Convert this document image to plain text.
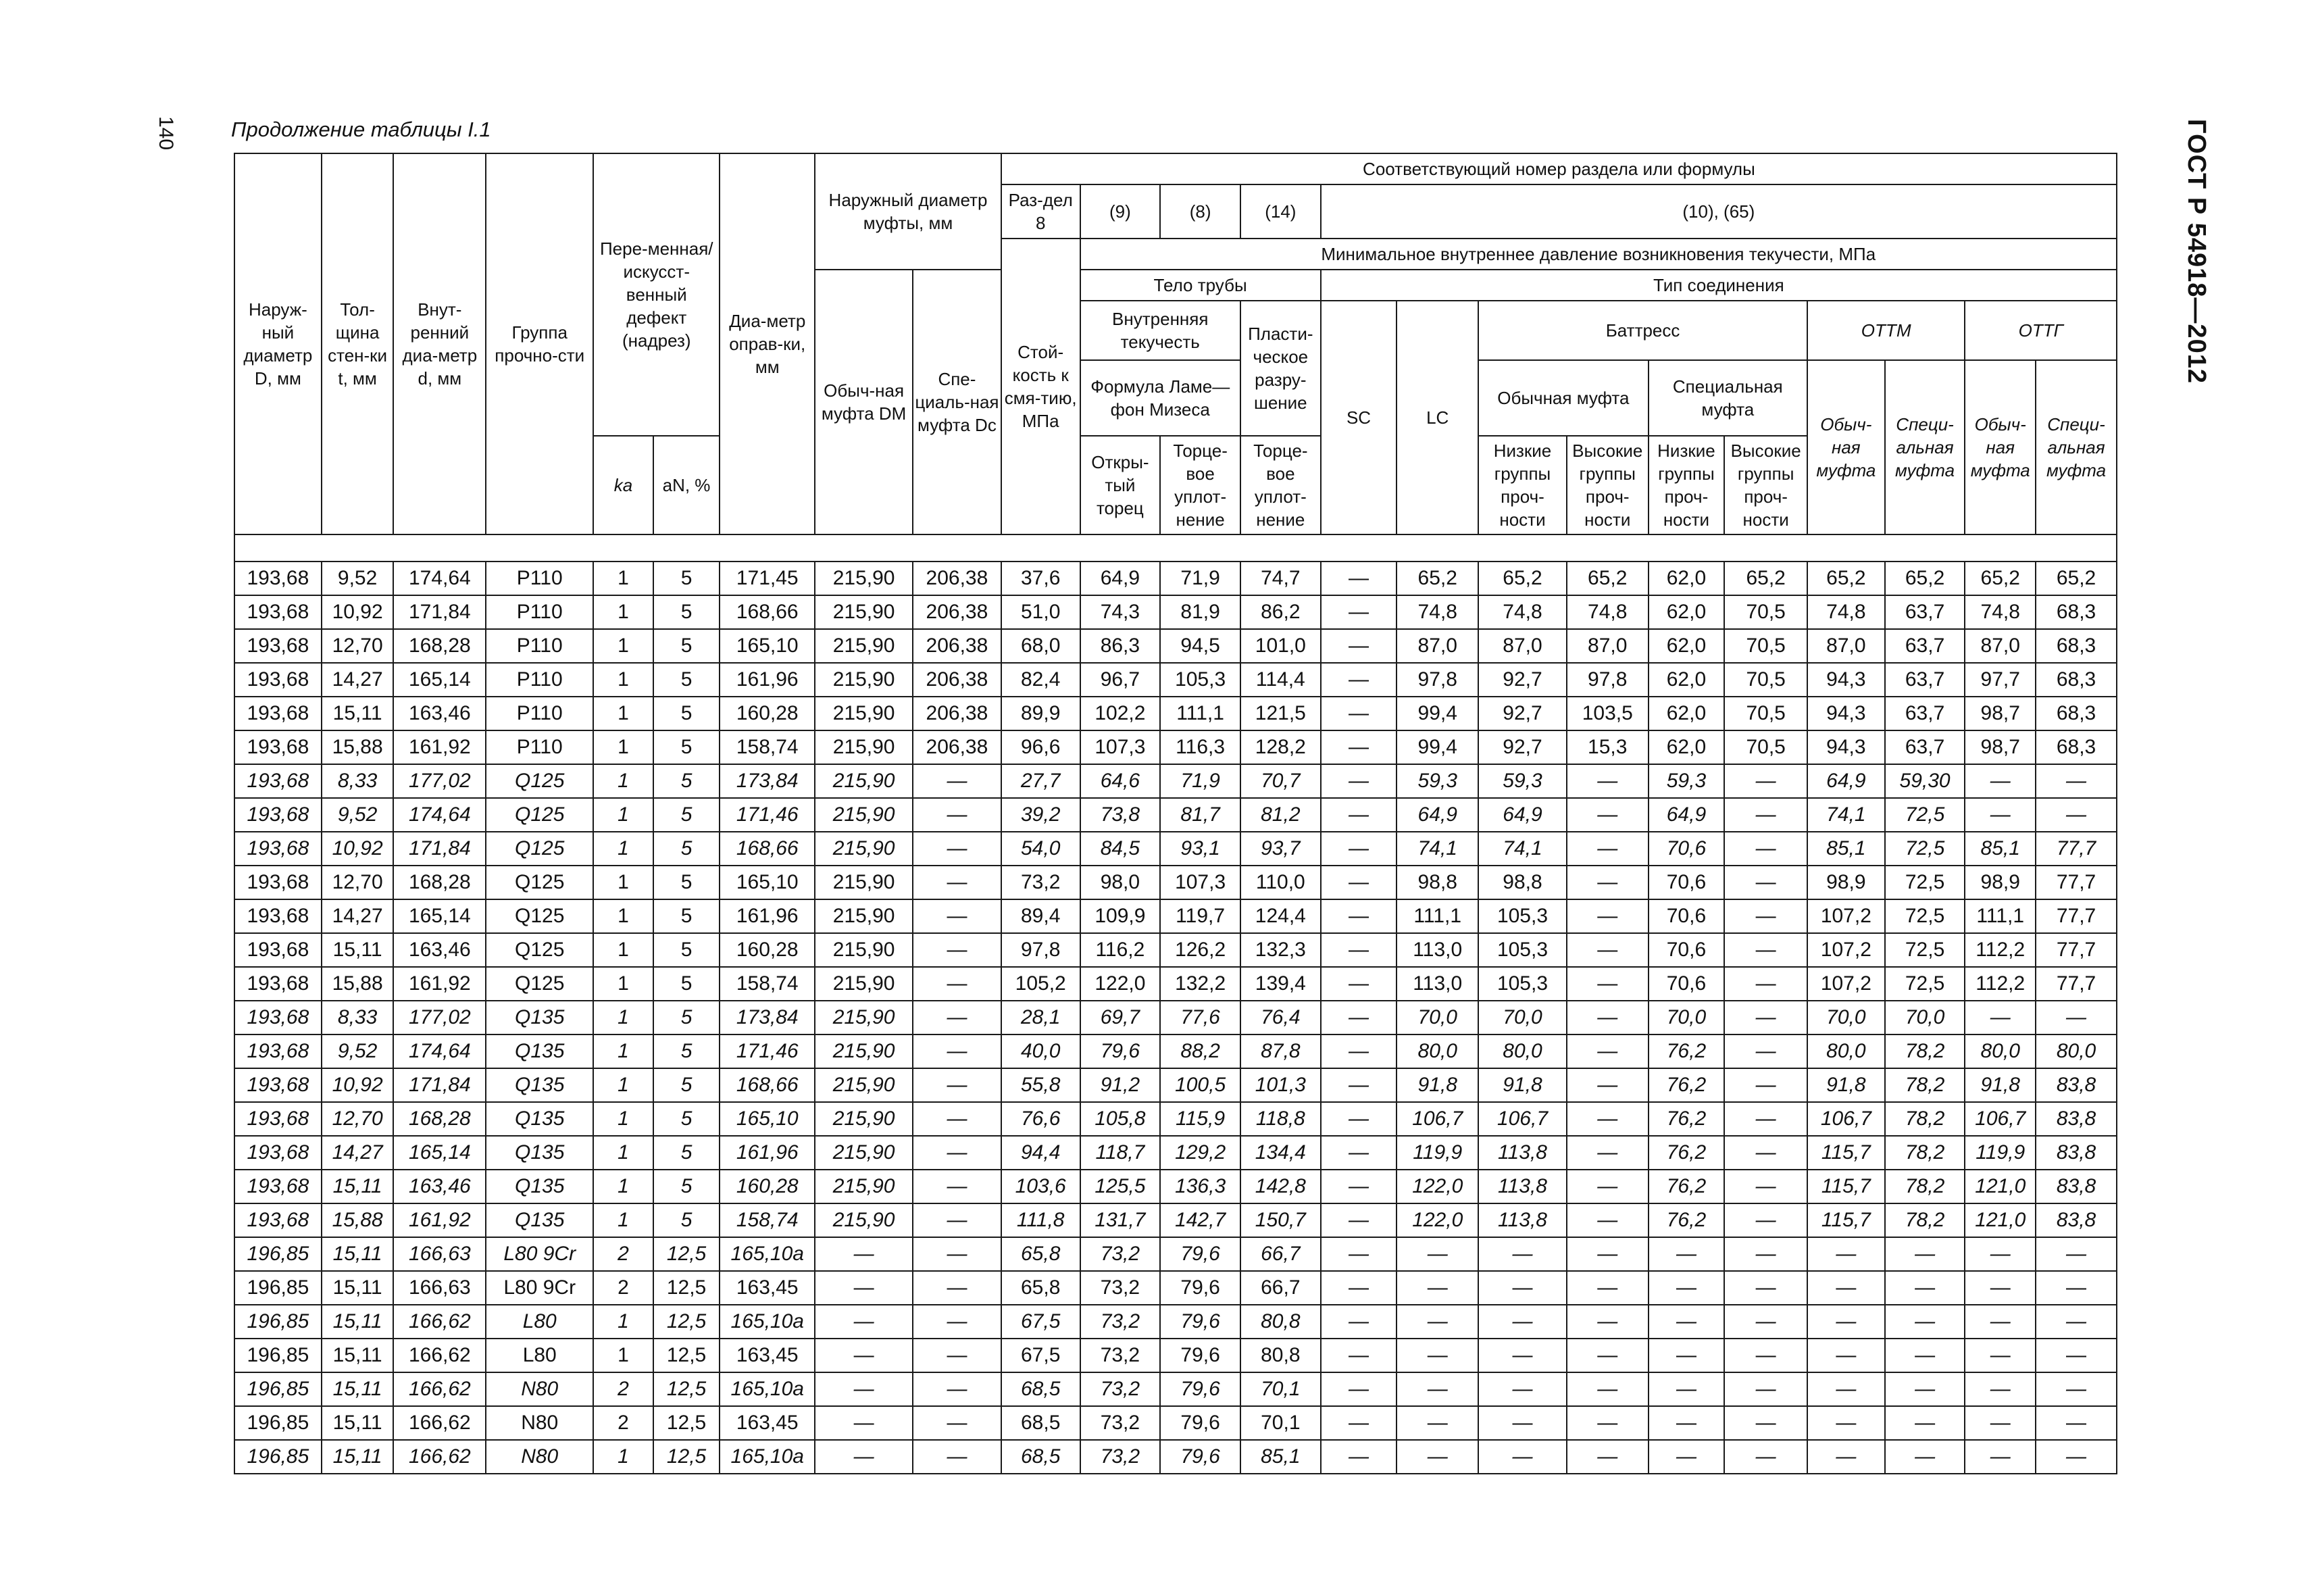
140	ГОСТ Р 54918—2012
Продолжение таблицы I.1
Наруж-ный диаметр D, мм	Тол-щина стен-ки t, мм	Внут-ренний диа-метр d, мм	Группа прочно-сти	Пере-менная/ искусст-венный дефект (надрез)		Диа-метр оправ-ки, мм	Наружный диаметр муфты, мм		Соответствующий номер раздела или формулы													
									Раз-дел 8	(9)	(8)	(14)	(10), (65)									
									Стой-кость к смя-тию, МПа	Минимальное внутреннее давление возникновения текучести, МПа												
							Обыч-ная муфта DM	Спе-циаль-ная муфта Dc		Тело трубы			Тип соединения									
										Внутренняя текучесть		Пласти-ческое разру-шение	SC	LC	Баттресс				ОТТМ		ОТТГ	
										Формула Ламе—фон Мизеса					Обычная муфта		Специальная муфта		Обыч-ная муфта	Специ-альная муфта	Обыч-ная муфта	Специ-альная муфта
				ka	aN, %					Откры-тый торец	Торце-вое уплот-нение	Торце-вое уплот-нение			Низкие группы проч-ности	Высокие группы проч-ности	Низкие группы проч-ности	Высокие группы проч-ности				

193,68	9,52	174,64	P110	1	5	171,45	215,90	206,38	37,6	64,9	71,9	74,7	—	65,2	65,2	65,2	62,0	65,2	65,2	65,2	65,2	65,2
193,68	10,92	171,84	P110	1	5	168,66	215,90	206,38	51,0	74,3	81,9	86,2	—	74,8	74,8	74,8	62,0	70,5	74,8	63,7	74,8	68,3
193,68	12,70	168,28	P110	1	5	165,10	215,90	206,38	68,0	86,3	94,5	101,0	—	87,0	87,0	87,0	62,0	70,5	87,0	63,7	87,0	68,3
193,68	14,27	165,14	P110	1	5	161,96	215,90	206,38	82,4	96,7	105,3	114,4	—	97,8	92,7	97,8	62,0	70,5	94,3	63,7	97,7	68,3
193,68	15,11	163,46	P110	1	5	160,28	215,90	206,38	89,9	102,2	111,1	121,5	—	99,4	92,7	103,5	62,0	70,5	94,3	63,7	98,7	68,3
193,68	15,88	161,92	P110	1	5	158,74	215,90	206,38	96,6	107,3	116,3	128,2	—	99,4	92,7	15,3	62,0	70,5	94,3	63,7	98,7	68,3
193,68	8,33	177,02	Q125	1	5	173,84	215,90	—	27,7	64,6	71,9	70,7	—	59,3	59,3	—	59,3	—	64,9	59,30	—	—
193,68	9,52	174,64	Q125	1	5	171,46	215,90	—	39,2	73,8	81,7	81,2	—	64,9	64,9	—	64,9	—	74,1	72,5	—	—
193,68	10,92	171,84	Q125	1	5	168,66	215,90	—	54,0	84,5	93,1	93,7	—	74,1	74,1	—	70,6	—	85,1	72,5	85,1	77,7
193,68	12,70	168,28	Q125	1	5	165,10	215,90	—	73,2	98,0	107,3	110,0	—	98,8	98,8	—	70,6	—	98,9	72,5	98,9	77,7
193,68	14,27	165,14	Q125	1	5	161,96	215,90	—	89,4	109,9	119,7	124,4	—	111,1	105,3	—	70,6	—	107,2	72,5	111,1	77,7
193,68	15,11	163,46	Q125	1	5	160,28	215,90	—	97,8	116,2	126,2	132,3	—	113,0	105,3	—	70,6	—	107,2	72,5	112,2	77,7
193,68	15,88	161,92	Q125	1	5	158,74	215,90	—	105,2	122,0	132,2	139,4	—	113,0	105,3	—	70,6	—	107,2	72,5	112,2	77,7
193,68	8,33	177,02	Q135	1	5	173,84	215,90	—	28,1	69,7	77,6	76,4	—	70,0	70,0	—	70,0	—	70,0	70,0	—	—
193,68	9,52	174,64	Q135	1	5	171,46	215,90	—	40,0	79,6	88,2	87,8	—	80,0	80,0	—	76,2	—	80,0	78,2	80,0	80,0
193,68	10,92	171,84	Q135	1	5	168,66	215,90	—	55,8	91,2	100,5	101,3	—	91,8	91,8	—	76,2	—	91,8	78,2	91,8	83,8
193,68	12,70	168,28	Q135	1	5	165,10	215,90	—	76,6	105,8	115,9	118,8	—	106,7	106,7	—	76,2	—	106,7	78,2	106,7	83,8
193,68	14,27	165,14	Q135	1	5	161,96	215,90	—	94,4	118,7	129,2	134,4	—	119,9	113,8	—	76,2	—	115,7	78,2	119,9	83,8
193,68	15,11	163,46	Q135	1	5	160,28	215,90	—	103,6	125,5	136,3	142,8	—	122,0	113,8	—	76,2	—	115,7	78,2	121,0	83,8
193,68	15,88	161,92	Q135	1	5	158,74	215,90	—	111,8	131,7	142,7	150,7	—	122,0	113,8	—	76,2	—	115,7	78,2	121,0	83,8
196,85	15,11	166,63	L80 9Cr	2	12,5	165,10a	—	—	65,8	73,2	79,6	66,7	—	—	—	—	—	—	—	—	—	—
196,85	15,11	166,63	L80 9Cr	2	12,5	163,45	—	—	65,8	73,2	79,6	66,7	—	—	—	—	—	—	—	—	—	—
196,85	15,11	166,62	L80	1	12,5	165,10a	—	—	67,5	73,2	79,6	80,8	—	—	—	—	—	—	—	—	—	—
196,85	15,11	166,62	L80	1	12,5	163,45	—	—	67,5	73,2	79,6	80,8	—	—	—	—	—	—	—	—	—	—
196,85	15,11	166,62	N80	2	12,5	165,10a	—	—	68,5	73,2	79,6	70,1	—	—	—	—	—	—	—	—	—	—
196,85	15,11	166,62	N80	2	12,5	163,45	—	—	68,5	73,2	79,6	70,1	—	—	—	—	—	—	—	—	—	—
196,85	15,11	166,62	N80	1	12,5	165,10a	—	—	68,5	73,2	79,6	85,1	—	—	—	—	—	—	—	—	—	—
